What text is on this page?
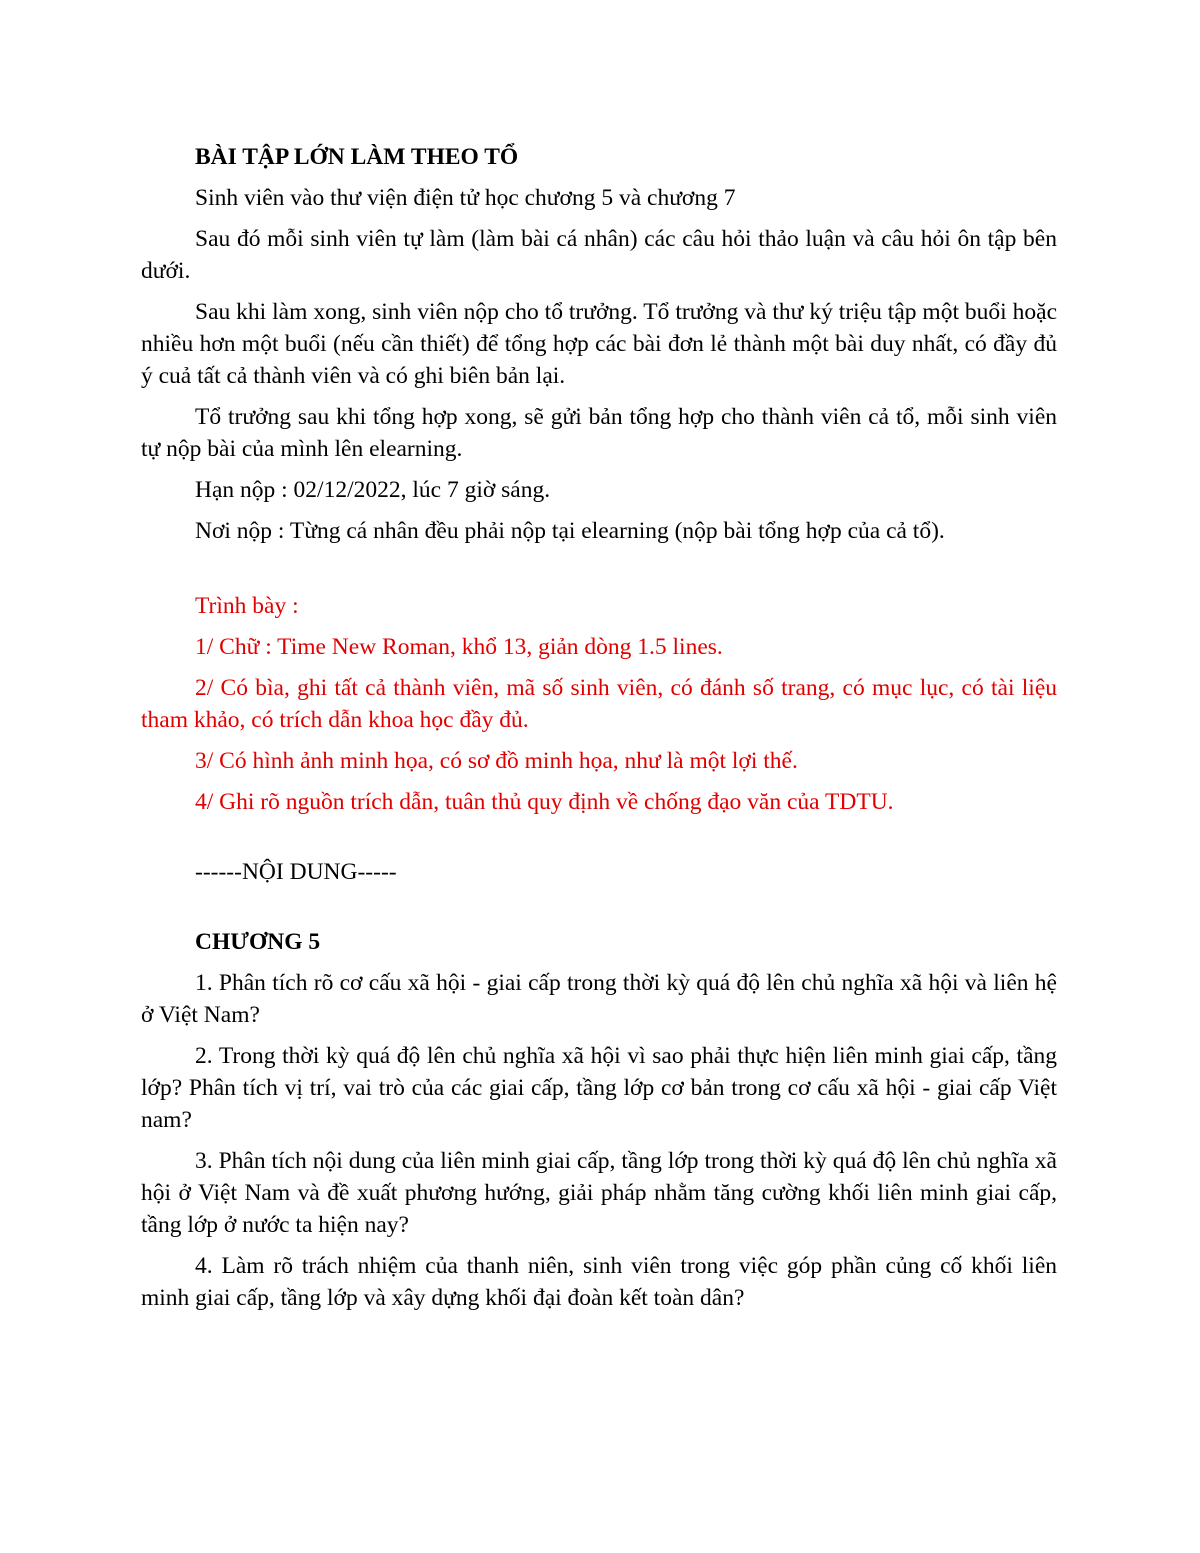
BÀI TẬP LỚN LÀM THEO TỔ
Sinh viên vào thư viện điện tử học chương 5 và chương 7
Sau đó mỗi sinh viên tự làm (làm bài cá nhân) các câu hỏi thảo luận và câu hỏi ôn tập bên dưới.
Sau khi làm xong, sinh viên nộp cho tổ trưởng. Tổ trưởng và thư ký triệu tập một buổi hoặc nhiều hơn một buổi (nếu cần thiết) để tổng hợp các bài đơn lẻ thành một bài duy nhất, có đầy đủ ý cuả tất cả thành viên và có ghi biên bản lại.
Tổ trưởng sau khi tổng hợp xong, sẽ gửi bản tổng hợp cho thành viên cả tổ, mỗi sinh viên tự nộp bài của mình lên elearning.
Hạn nộp : 02/12/2022, lúc 7 giờ sáng.
Nơi nộp : Từng cá nhân đều phải nộp tại elearning (nộp bài tổng hợp của cả tổ).
Trình bày :
1/ Chữ : Time New Roman, khổ 13, giản dòng 1.5 lines.
2/ Có bìa, ghi tất cả thành viên, mã số sinh viên, có đánh số trang, có mục lục, có tài liệu tham khảo, có trích dẫn khoa học đầy đủ.
3/ Có hình ảnh minh họa, có sơ đồ minh họa, như là một lợi thế.
4/ Ghi rõ nguồn trích dẫn, tuân thủ quy định về chống đạo văn của TDTU.
------NỘI DUNG-----
CHƯƠNG 5
1. Phân tích rõ cơ cấu xã hội - giai cấp trong thời kỳ quá độ lên chủ nghĩa xã hội và liên hệ ở Việt Nam?
2. Trong thời kỳ quá độ lên chủ nghĩa xã hội vì sao phải thực hiện liên minh giai cấp, tầng lớp? Phân tích vị trí, vai trò của các giai cấp, tầng lớp cơ bản trong cơ cấu xã hội - giai cấp Việt nam?
3. Phân tích nội dung của liên minh giai cấp, tầng lớp trong thời kỳ quá độ lên chủ nghĩa xã hội ở Việt Nam và đề xuất phương hướng, giải pháp nhằm tăng cường khối liên minh giai cấp, tầng lớp ở nước ta hiện nay?
4. Làm rõ trách nhiệm của thanh niên, sinh viên trong việc góp phần củng cố khối liên minh giai cấp, tầng lớp và xây dựng khối đại đoàn kết toàn dân?
